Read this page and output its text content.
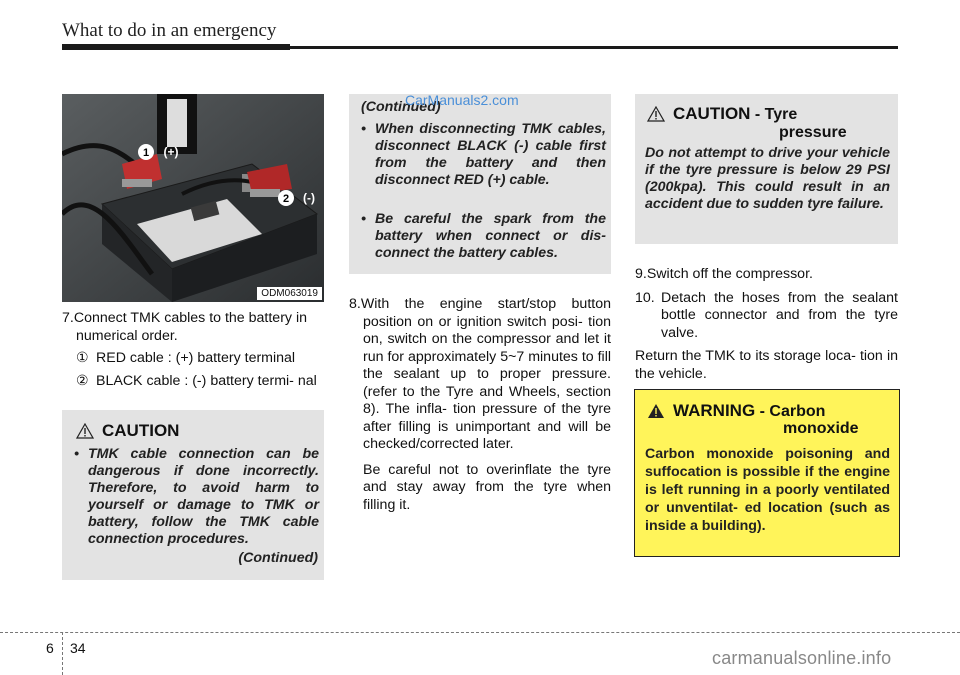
What to do in an emergency
1 (+)
2 (-)
ODM063019
7.Connect TMK cables to the battery in numerical order.
① RED cable : (+) battery terminal
② BLACK cable : (-) battery termi- nal
CAUTION
• TMK cable connection can be dangerous if done incorrectly. Therefore, to avoid harm to yourself or damage to TMK or battery, follow the TMK cable connection procedures.
(Continued)
(Continued)
• When disconnecting TMK cables, disconnect BLACK (-) cable first from the battery and then disconnect RED (+) cable.
• Be careful the spark from the battery when connect or dis- connect the battery cables.
8.With the engine start/stop button position on or ignition switch posi- tion on, switch on the compressor and let it run for approximately 5~7 minutes to fill the sealant up to proper pressure. (refer to the Tyre and Wheels, section 8). The infla- tion pressure of the tyre after filling is unimportant and will be checked/corrected later.
Be careful not to overinflate the tyre and stay away from the tyre when filling it.
CAUTION - Tyre
pressure
Do not attempt to drive your vehicle if the tyre pressure is below 29 PSI (200kpa). This could result in an accident due to sudden tyre failure.
9.Switch off the compressor.
10. Detach the hoses from the sealant bottle connector and from the tyre valve.
Return the TMK to its storage loca- tion in the vehicle.
WARNING - Carbon
monoxide
Carbon monoxide poisoning and suffocation is possible if the engine is left running in a poorly ventilated or unventilat- ed location (such as inside a building).
CarManuals2.com
carmanualsonline.info
6 34
